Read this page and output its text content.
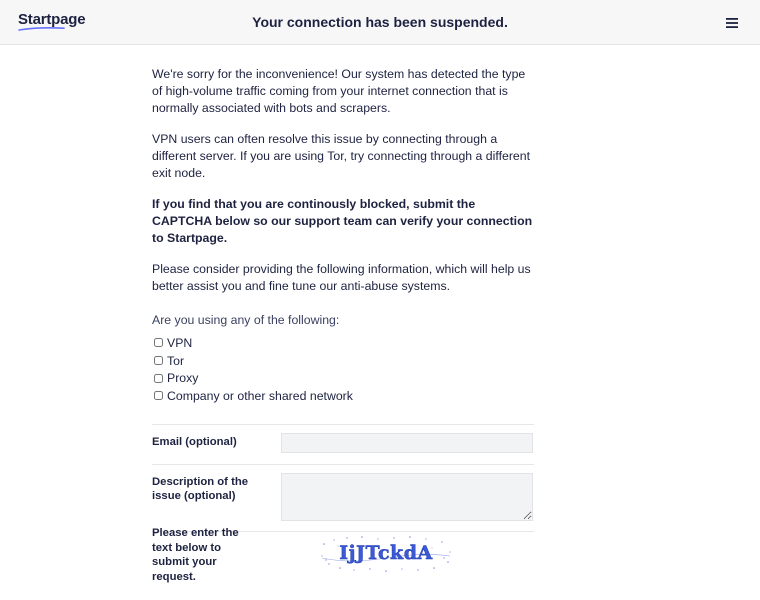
Startpage	Your connection has been suspended.

We're sorry for the inconvenience! Our system has detected the type of high-volume traffic coming from your internet connection that is normally associated with bots and scrapers.

VPN users can often resolve this issue by connecting through a different server. If you are using Tor, try connecting through a different exit node.

If you find that you are continously blocked, submit the CAPTCHA below so our support team can verify your connection to Startpage.

Please consider providing the following information, which will help us better assist you and fine tune our anti-abuse systems.

Are you using any of the following:
VPN
Tor
Proxy
Company or other shared network
Email (optional)
Description of the issue (optional)
Please enter the text below to submit your request.
IjJTckdA
